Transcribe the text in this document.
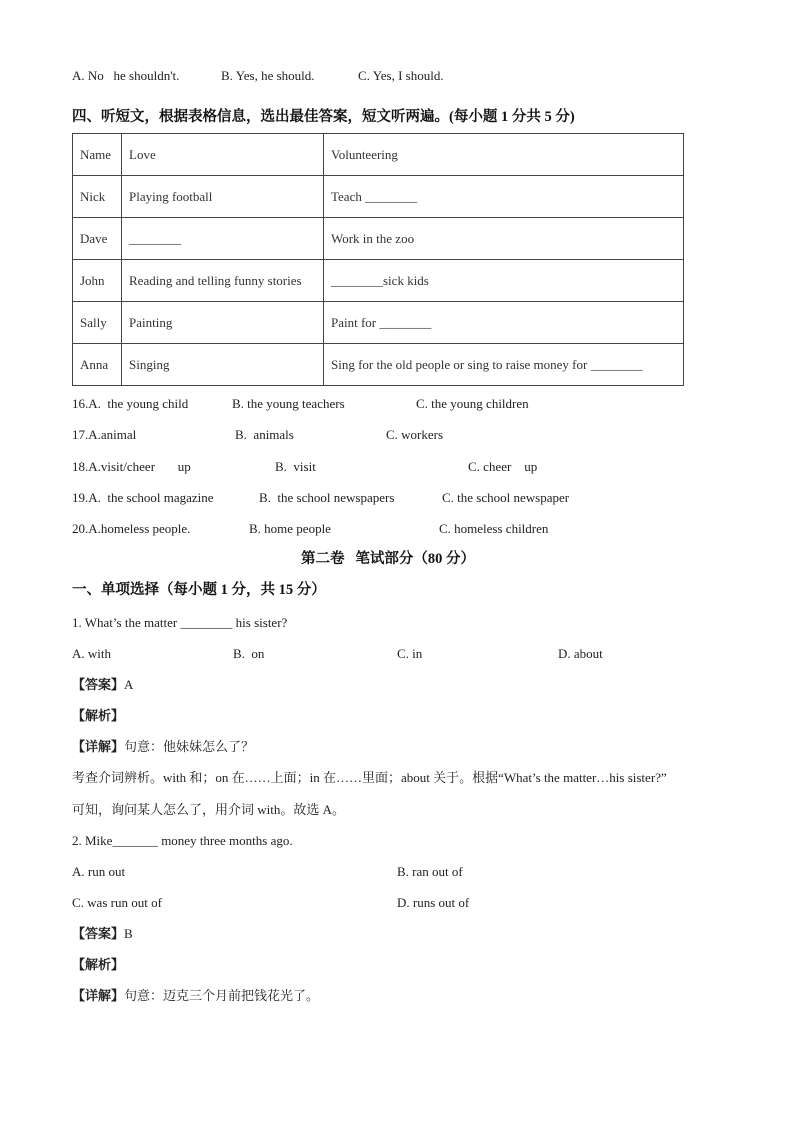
A. No   he shouldn't.	B. Yes, he should.	C. Yes, I should.
四、听短文，根据表格信息，选出最佳答案，短文听两遍。(每小题 1 分共 5 分)
Name	Love	Volunteering
Nick	Playing football	Teach ________
Dave	________	Work in the zoo
John	Reading and telling funny stories	________sick kids
Sally	Painting	Paint for ________
Anna	Singing	Sing for the old people or sing to raise money for ________
16.A.  the young child	B. the young teachers	C. the young children
17.A.animal	B.  animals	C. workers
18.A.visit/cheer       up	B.  visit	C. cheer    up
19.A.  the school magazine	B.  the school newspapers	C. the school newspaper
20.A.homeless people.	B. home people	C. homeless children
第二卷   笔试部分（80 分）
一、单项选择（每小题 1 分，共 15 分）
1. What’s the matter ________ his sister?
A. with	B.  on	C. in	D. about
【答案】A
【解析】
【详解】句意：他妹妹怎么了？
考查介词辨析。with 和；on 在……上面；in 在……里面；about 关于。根据“What’s the matter…his sister?”
可知，询问某人怎么了，用介词 with。故选 A。
2. Mike_______ money three months ago.
A. run out	B. ran out of
C. was run out of	D. runs out of
【答案】B
【解析】
【详解】句意：迈克三个月前把钱花光了。
